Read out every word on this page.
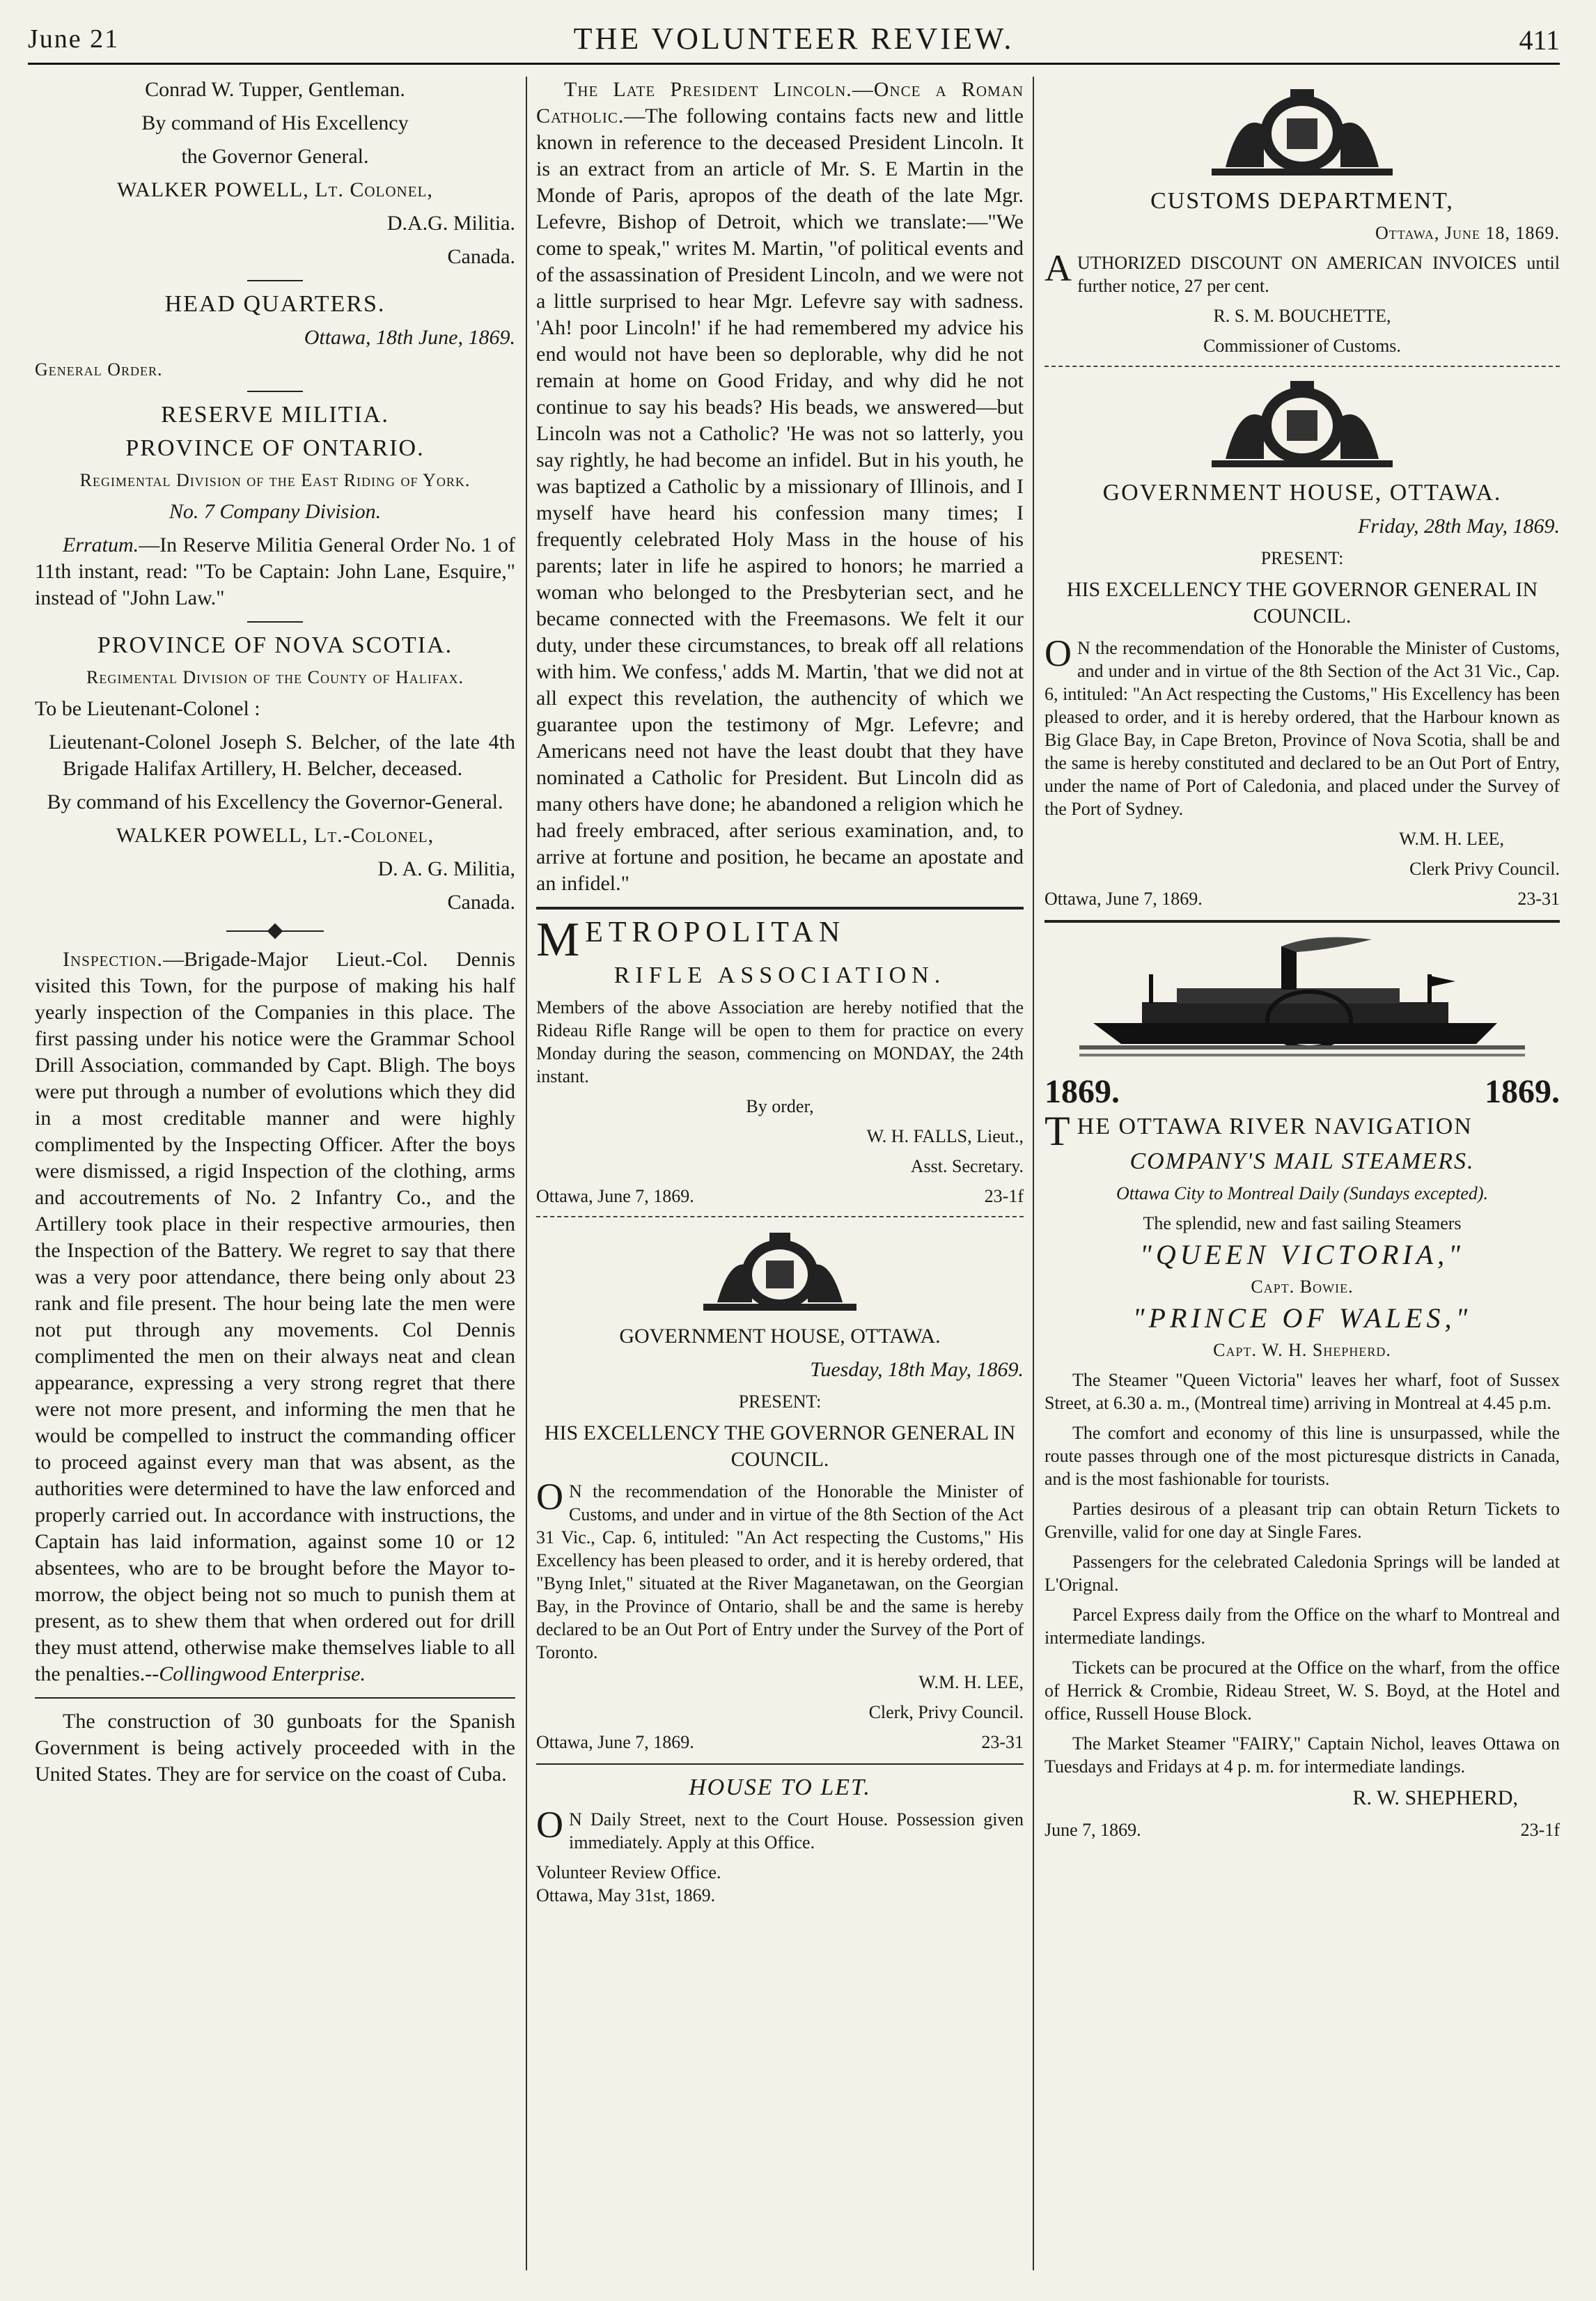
June 21	THE VOLUNTEER REVIEW.	411

Conrad W. Tupper, Gentleman.

By command of His Excellency

the Governor General.

WALKER POWELL, Lt. Colonel,

D.A.G. Militia.

Canada.

HEAD QUARTERS.

Ottawa, 18th June, 1869.

General Order.

RESERVE MILITIA.

PROVINCE OF ONTARIO.

Regimental Division of the East Riding of York.

No. 7 Company Division.

Erratum.—In Reserve Militia General Order No. 1 of 11th instant, read: "To be Captain: John Lane, Esquire," instead of "John Law."

PROVINCE OF NOVA SCOTIA.

Regimental Division of the County of Halifax.

To be Lieutenant-Colonel :

Lieutenant-Colonel Joseph S. Belcher, of the late 4th Brigade Halifax Artillery, H. Belcher, deceased.

By command of his Excellency the Governor-General.

WALKER POWELL, Lt.-Colonel,

D. A. G. Militia,

Canada.

Inspection.—Brigade-Major Lieut.-Col. Dennis visited this Town, for the purpose of making his half yearly inspection of the Companies in this place. The first passing under his notice were the Grammar School Drill Association, commanded by Capt. Bligh. The boys were put through a number of evolutions which they did in a most creditable manner and were highly complimented by the Inspecting Officer. After the boys were dismissed, a rigid Inspection of the clothing, arms and accoutrements of No. 2 Infantry Co., and the Artillery took place in their respective armouries, then the Inspection of the Battery. We regret to say that there was a very poor attendance, there being only about 23 rank and file present. The hour being late the men were not put through any movements. Col Dennis complimented the men on their always neat and clean appearance, expressing a very strong regret that there were not more present, and informing the men that he would be compelled to instruct the commanding officer to proceed against every man that was absent, as the authorities were determined to have the law enforced and properly carried out. In accordance with instructions, the Captain has laid information, against some 10 or 12 absentees, who are to be brought before the Mayor to-morrow, the object being not so much to punish them at present, as to shew them that when ordered out for drill they must attend, otherwise make themselves liable to all the penalties.--Collingwood Enterprise.

The construction of 30 gunboats for the Spanish Government is being actively proceeded with in the United States. They are for service on the coast of Cuba.

The Late President Lincoln.—Once a Roman Catholic.—The following contains facts new and little known in reference to the deceased President Lincoln. It is an extract from an article of Mr. S. E Martin in the Monde of Paris, apropos of the death of the late Mgr. Lefevre, Bishop of Detroit, which we translate:—"We come to speak," writes M. Martin, "of political events and of the assassination of President Lincoln, and we were not a little surprised to hear Mgr. Lefevre say with sadness. 'Ah! poor Lincoln!' if he had remembered my advice his end would not have been so deplorable, why did he not remain at home on Good Friday, and why did he not continue to say his beads? His beads, we answered—but Lincoln was not a Catholic? 'He was not so latterly, you say rightly, he had become an infidel. But in his youth, he was baptized a Catholic by a missionary of Illinois, and I myself have heard his confession many times; I frequently celebrated Holy Mass in the house of his parents; later in life he aspired to honors; he married a woman who belonged to the Presbyterian sect, and he became connected with the Freemasons. We felt it our duty, under these circumstances, to break off all relations with him. We confess,' adds M. Martin, 'that we did not at all expect this revelation, the authencity of which we guarantee upon the testimony of Mgr. Lefevre; and Americans need not have the least doubt that they have nominated a Catholic for President. But Lincoln did as many others have done; he abandoned a religion which he had freely embraced, after serious examination, and, to arrive at fortune and position, he became an apostate and an infidel."

M ETROPOLITAN

RIFLE ASSOCIATION.

Members of the above Association are hereby notified that the Rideau Rifle Range will be open to them for practice on every Monday during the season, commencing on MONDAY, the 24th instant.

By order,

W. H. FALLS, Lieut.,

Asst. Secretary.

Ottawa, June 7, 1869.	23-1f

GOVERNMENT HOUSE, OTTAWA.

Tuesday, 18th May, 1869.

PRESENT:

HIS EXCELLENCY THE GOVERNOR GENERAL IN COUNCIL.

O N the recommendation of the Honorable the Minister of Customs, and under and in virtue of the 8th Section of the Act 31 Vic., Cap. 6, intituled: "An Act respecting the Customs," His Excellency has been pleased to order, and it is hereby ordered, that "Byng Inlet," situated at the River Maganetawan, on the Georgian Bay, in the Province of Ontario, shall be and the same is hereby declared to be an Out Port of Entry under the Survey of the Port of Toronto.

W.M. H. LEE,

Clerk, Privy Council.

Ottawa, June 7, 1869.	23-31

HOUSE TO LET.

O N Daily Street, next to the Court House. Possession given immediately. Apply at this Office.

Volunteer Review Office.

Ottawa, May 31st, 1869.

CUSTOMS DEPARTMENT,

Ottawa, June 18, 1869.

AUTHORIZED DISCOUNT ON AMERICAN INVOICES until further notice, 27 per cent.

R. S. M. BOUCHETTE,

Commissioner of Customs.

GOVERNMENT HOUSE, OTTAWA.

Friday, 28th May, 1869.

PRESENT:

HIS EXCELLENCY THE GOVERNOR GENERAL IN COUNCIL.

O N the recommendation of the Honorable the Minister of Customs, and under and in virtue of the 8th Section of the Act 31 Vic., Cap. 6, intituled: "An Act respecting the Customs," His Excellency has been pleased to order, and it is hereby ordered, that the Harbour known as Big Glace Bay, in Cape Breton, Province of Nova Scotia, shall be and the same is hereby constituted and declared to be an Out Port of Entry, under the name of Port of Caledonia, and placed under the Survey of the Port of Sydney.

W.M. H. LEE,

Clerk Privy Council.

Ottawa, June 7, 1869.	23-31
1869.	1869.

THE OTTAWA RIVER NAVIGATION

COMPANY'S MAIL STEAMERS.

Ottawa City to Montreal Daily (Sundays excepted).

The splendid, new and fast sailing Steamers

"QUEEN VICTORIA,"

Capt. Bowie.

"PRINCE OF WALES,"

Capt. W. H. Shepherd.

The Steamer "Queen Victoria" leaves her wharf, foot of Sussex Street, at 6.30 a. m., (Montreal time) arriving in Montreal at 4.45 p.m.

The comfort and economy of this line is unsurpassed, while the route passes through one of the most picturesque districts in Canada, and is the most fashionable for tourists.

Parties desirous of a pleasant trip can obtain Return Tickets to Grenville, valid for one day at Single Fares.

Passengers for the celebrated Caledonia Springs will be landed at L'Orignal.

Parcel Express daily from the Office on the wharf to Montreal and intermediate landings.

Tickets can be procured at the Office on the wharf, from the office of Herrick & Crombie, Rideau Street, W. S. Boyd, at the Hotel and office, Russell House Block.

The Market Steamer "FAIRY," Captain Nichol, leaves Ottawa on Tuesdays and Fridays at 4 p. m. for intermediate landings.

R. W. SHEPHERD,

June 7, 1869.	23-1f
